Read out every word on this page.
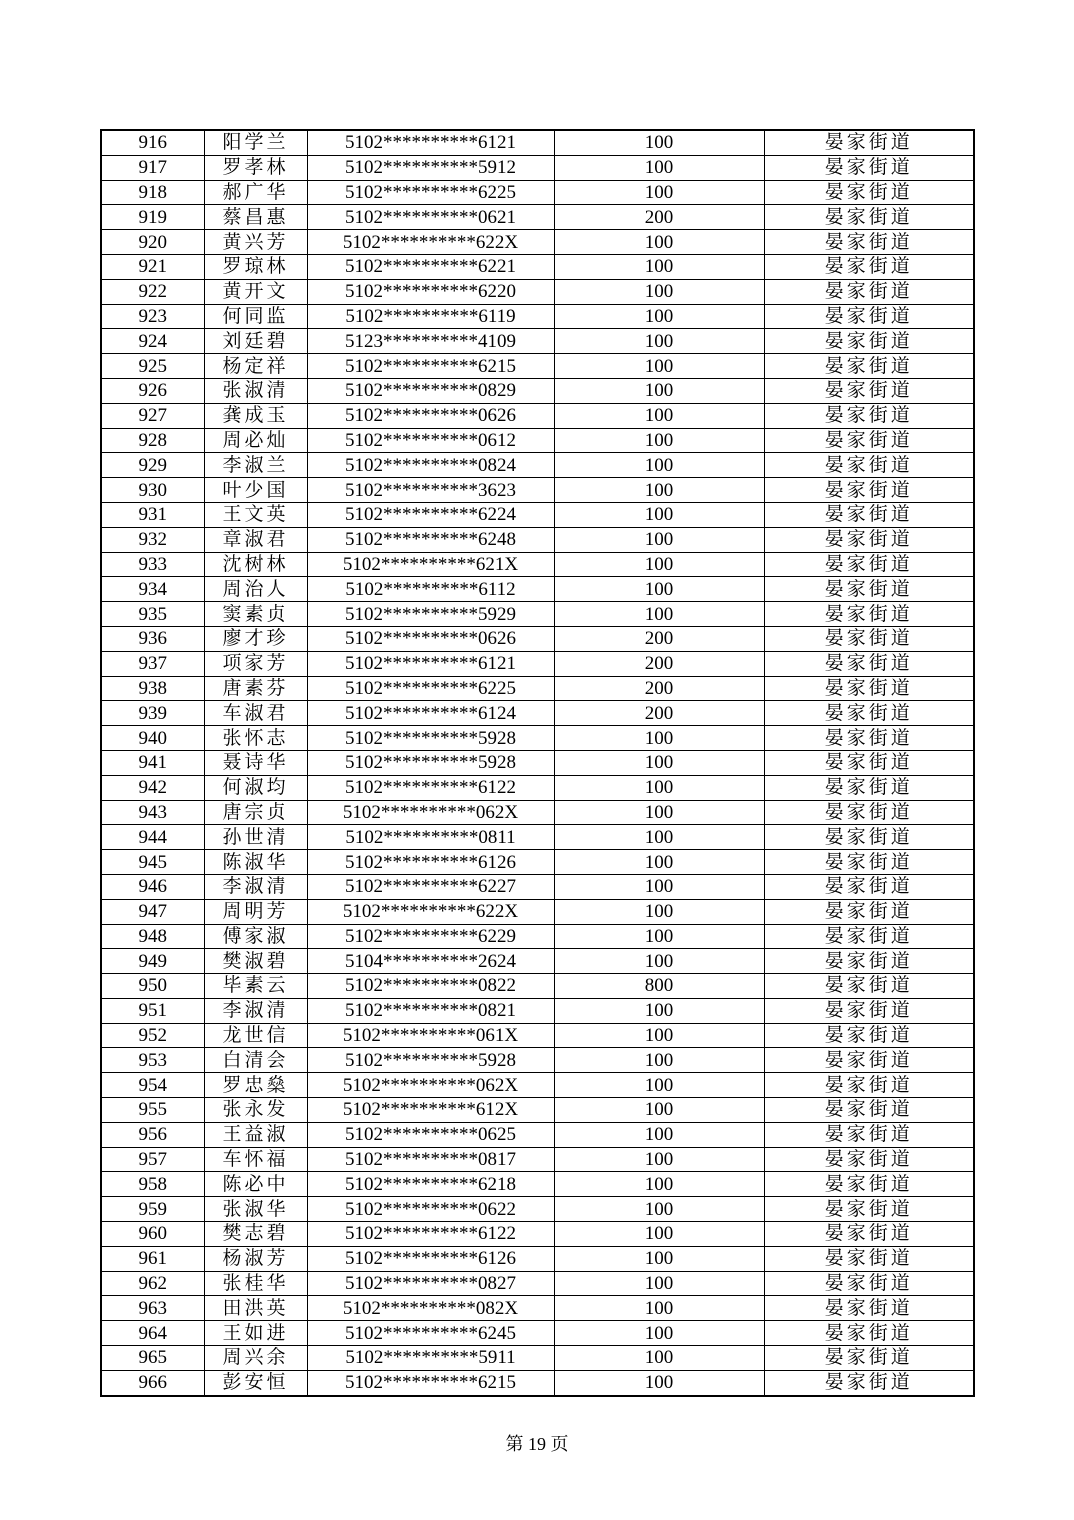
916	阳学兰	5102**********6121	100	晏家街道
917	罗孝林	5102**********5912	100	晏家街道
918	郝广华	5102**********6225	100	晏家街道
919	蔡昌惠	5102**********0621	200	晏家街道
920	黄兴芳	5102**********622X	100	晏家街道
921	罗琼林	5102**********6221	100	晏家街道
922	黄开文	5102**********6220	100	晏家街道
923	何同监	5102**********6119	100	晏家街道
924	刘廷碧	5123**********4109	100	晏家街道
925	杨定祥	5102**********6215	100	晏家街道
926	张淑清	5102**********0829	100	晏家街道
927	龚成玉	5102**********0626	100	晏家街道
928	周必灿	5102**********0612	100	晏家街道
929	李淑兰	5102**********0824	100	晏家街道
930	叶少国	5102**********3623	100	晏家街道
931	王文英	5102**********6224	100	晏家街道
932	章淑君	5102**********6248	100	晏家街道
933	沈树林	5102**********621X	100	晏家街道
934	周治人	5102**********6112	100	晏家街道
935	窦素贞	5102**********5929	100	晏家街道
936	廖才珍	5102**********0626	200	晏家街道
937	项家芳	5102**********6121	200	晏家街道
938	唐素芬	5102**********6225	200	晏家街道
939	车淑君	5102**********6124	200	晏家街道
940	张怀志	5102**********5928	100	晏家街道
941	聂诗华	5102**********5928	100	晏家街道
942	何淑均	5102**********6122	100	晏家街道
943	唐宗贞	5102**********062X	100	晏家街道
944	孙世清	5102**********0811	100	晏家街道
945	陈淑华	5102**********6126	100	晏家街道
946	李淑清	5102**********6227	100	晏家街道
947	周明芳	5102**********622X	100	晏家街道
948	傅家淑	5102**********6229	100	晏家街道
949	樊淑碧	5104**********2624	100	晏家街道
950	毕素云	5102**********0822	800	晏家街道
951	李淑清	5102**********0821	100	晏家街道
952	龙世信	5102**********061X	100	晏家街道
953	白清会	5102**********5928	100	晏家街道
954	罗忠燊	5102**********062X	100	晏家街道
955	张永发	5102**********612X	100	晏家街道
956	王益淑	5102**********0625	100	晏家街道
957	车怀福	5102**********0817	100	晏家街道
958	陈必中	5102**********6218	100	晏家街道
959	张淑华	5102**********0622	100	晏家街道
960	樊志碧	5102**********6122	100	晏家街道
961	杨淑芳	5102**********6126	100	晏家街道
962	张桂华	5102**********0827	100	晏家街道
963	田洪英	5102**********082X	100	晏家街道
964	王如进	5102**********6245	100	晏家街道
965	周兴余	5102**********5911	100	晏家街道
966	彭安恒	5102**********6215	100	晏家街道
第 19 页
